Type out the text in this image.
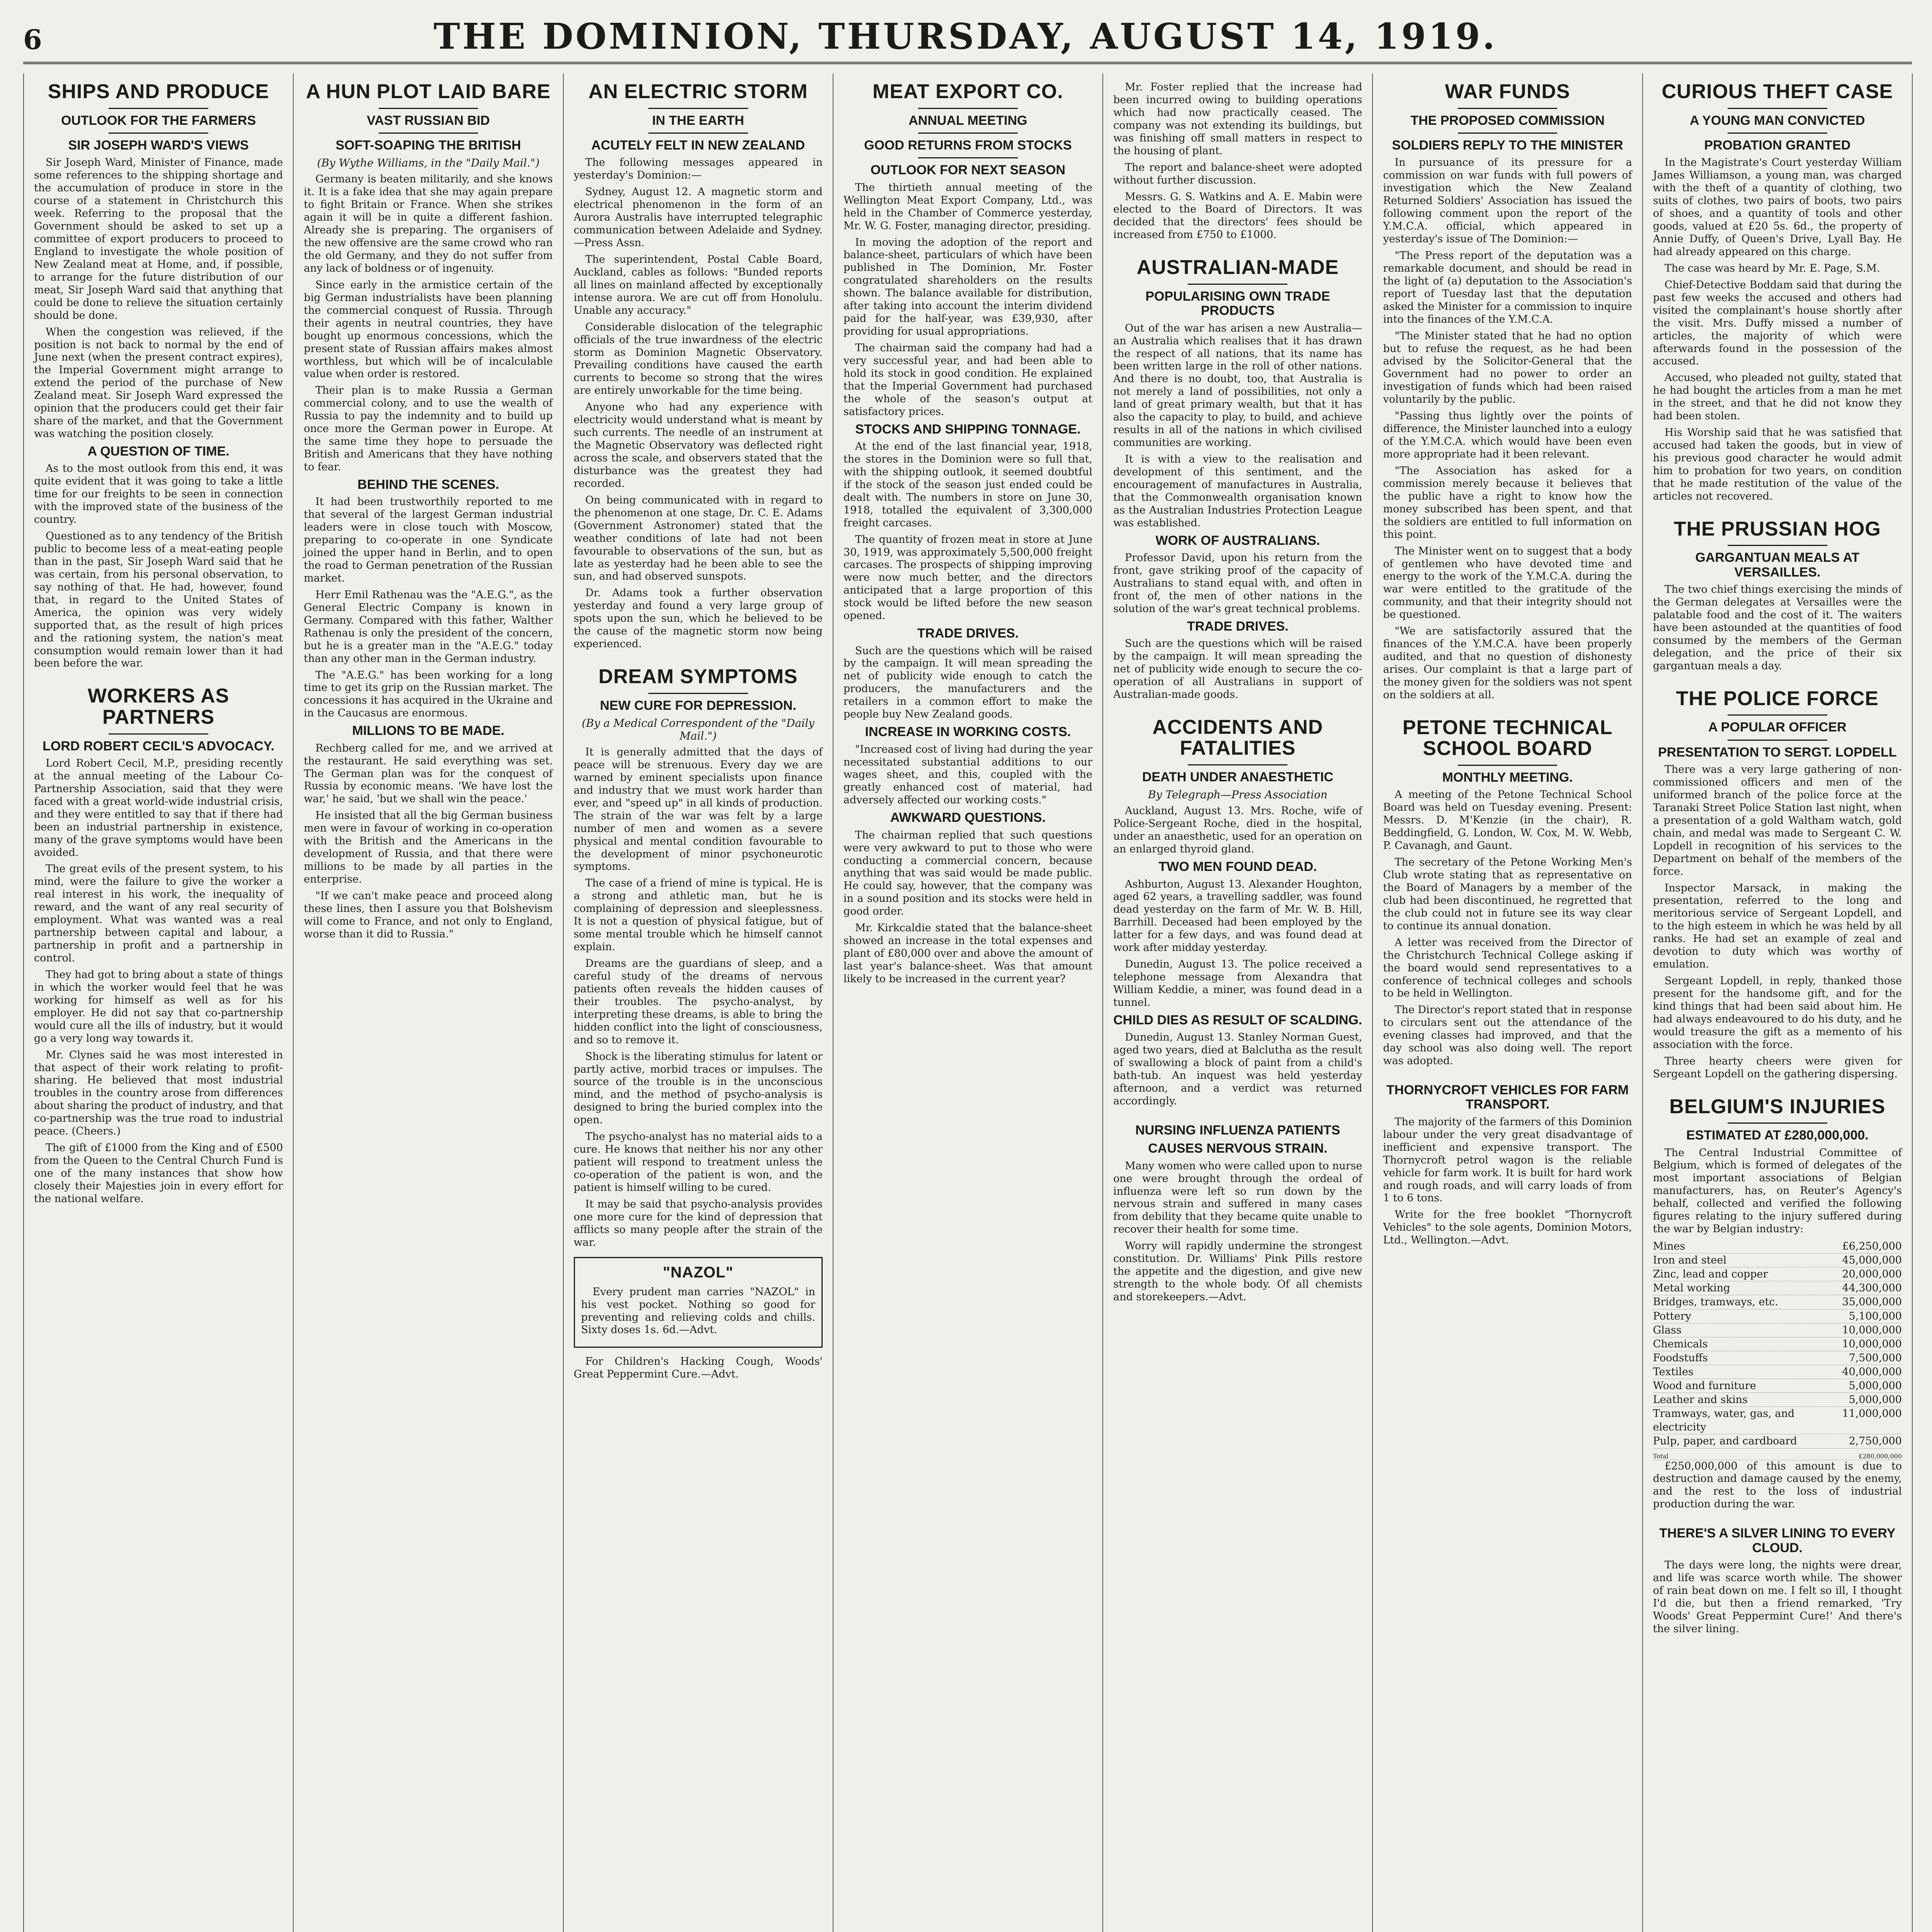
6	THE DOMINION, THURSDAY, AUGUST 14, 1919.
SHIPS AND PRODUCE
OUTLOOK FOR THE FARMERS
SIR JOSEPH WARD'S VIEWS

Sir Joseph Ward, Minister of Finance, made some references to the shipping shortage and the accumulation of produce in store in the course of a statement in Christchurch this week. Referring to the proposal that the Government should be asked to set up a committee of export producers to proceed to England to investigate the whole position of New Zealand meat at Home, and, if possible, to arrange for the future distribution of our meat, Sir Joseph Ward said that anything that could be done to relieve the situation certainly should be done.

When the congestion was relieved, if the position is not back to normal by the end of June next (when the present contract expires), the Imperial Government might arrange to extend the period of the purchase of New Zealand meat. Sir Joseph Ward expressed the opinion that the producers could get their fair share of the market, and that the Government was watching the position closely.

A QUESTION OF TIME.

As to the most outlook from this end, it was quite evident that it was going to take a little time for our freights to be seen in connection with the improved state of the business of the country.

Questioned as to any tendency of the British public to become less of a meat-eating people than in the past, Sir Joseph Ward said that he was certain, from his personal observation, to say nothing of that. He had, however, found that, in regard to the United States of America, the opinion was very widely supported that, as the result of high prices and the rationing system, the nation's meat consumption would remain lower than it had been before the war.

WORKERS AS PARTNERS
LORD ROBERT CECIL'S ADVOCACY.

Lord Robert Cecil, M.P., presiding recently at the annual meeting of the Labour Co-Partnership Association, said that they were faced with a great world-wide industrial crisis, and they were entitled to say that if there had been an industrial partnership in existence, many of the grave symptoms would have been avoided.

The great evils of the present system, to his mind, were the failure to give the worker a real interest in his work, the inequality of reward, and the want of any real security of employment. What was wanted was a real partnership between capital and labour, a partnership in profit and a partnership in control.

They had got to bring about a state of things in which the worker would feel that he was working for himself as well as for his employer. He did not say that co-partnership would cure all the ills of industry, but it would go a very long way towards it.

Mr. Clynes said he was most interested in that aspect of their work relating to profit-sharing. He believed that most industrial troubles in the country arose from differences about sharing the product of industry, and that co-partnership was the true road to industrial peace. (Cheers.)

The gift of £1000 from the King and of £500 from the Queen to the Central Church Fund is one of the many instances that show how closely their Majesties join in every effort for the national welfare.

A HUN PLOT LAID BARE
VAST RUSSIAN BID
SOFT-SOAPING THE BRITISH
(By Wythe Williams, in the "Daily Mail.")

Germany is beaten militarily, and she knows it. It is a fake idea that she may again prepare to fight Britain or France. When she strikes again it will be in quite a different fashion. Already she is preparing. The organisers of the new offensive are the same crowd who ran the old Germany, and they do not suffer from any lack of boldness or of ingenuity.

Since early in the armistice certain of the big German industrialists have been planning the commercial conquest of Russia. Through their agents in neutral countries, they have bought up enormous concessions, which the present state of Russian affairs makes almost worthless, but which will be of incalculable value when order is restored.

Their plan is to make Russia a German commercial colony, and to use the wealth of Russia to pay the indemnity and to build up once more the German power in Europe. At the same time they hope to persuade the British and Americans that they have nothing to fear.

BEHIND THE SCENES.

It had been trustworthily reported to me that several of the largest German industrial leaders were in close touch with Moscow, preparing to co-operate in one Syndicate joined the upper hand in Berlin, and to open the road to German penetration of the Russian market.

Herr Emil Rathenau was the "A.E.G.", as the General Electric Company is known in Germany. Compared with this father, Walther Rathenau is only the president of the concern, but he is a greater man in the "A.E.G." today than any other man in the German industry.

The "A.E.G." has been working for a long time to get its grip on the Russian market. The concessions it has acquired in the Ukraine and in the Caucasus are enormous.

MILLIONS TO BE MADE.

Rechberg called for me, and we arrived at the restaurant. He said everything was set. The German plan was for the conquest of Russia by economic means. 'We have lost the war,' he said, 'but we shall win the peace.'

He insisted that all the big German business men were in favour of working in co-operation with the British and the Americans in the development of Russia, and that there were millions to be made by all parties in the enterprise.

"If we can't make peace and proceed along these lines, then I assure you that Bolshevism will come to France, and not only to England, worse than it did to Russia."

AN ELECTRIC STORM
IN THE EARTH
ACUTELY FELT IN NEW ZEALAND

The following messages appeared in yesterday's Dominion:—

Sydney, August 12. A magnetic storm and electrical phenomenon in the form of an Aurora Australis have interrupted telegraphic communication between Adelaide and Sydney.—Press Assn.

The superintendent, Postal Cable Board, Auckland, cables as follows: "Bunded reports all lines on mainland affected by exceptionally intense aurora. We are cut off from Honolulu. Unable any accuracy."

Considerable dislocation of the telegraphic officials of the true inwardness of the electric storm as Dominion Magnetic Observatory. Prevailing conditions have caused the earth currents to become so strong that the wires are entirely unworkable for the time being.

Anyone who had any experience with electricity would understand what is meant by such currents. The needle of an instrument at the Magnetic Observatory was deflected right across the scale, and observers stated that the disturbance was the greatest they had recorded.

On being communicated with in regard to the phenomenon at one stage, Dr. C. E. Adams (Government Astronomer) stated that the weather conditions of late had not been favourable to observations of the sun, but as late as yesterday had he been able to see the sun, and had observed sunspots.

Dr. Adams took a further observation yesterday and found a very large group of spots upon the sun, which he believed to be the cause of the magnetic storm now being experienced.

DREAM SYMPTOMS
NEW CURE FOR DEPRESSION.
(By a Medical Correspondent of the "Daily Mail.")

It is generally admitted that the days of peace will be strenuous. Every day we are warned by eminent specialists upon finance and industry that we must work harder than ever, and "speed up" in all kinds of production. The strain of the war was felt by a large number of men and women as a severe physical and mental condition favourable to the development of minor psychoneurotic symptoms.

The case of a friend of mine is typical. He is a strong and athletic man, but he is complaining of depression and sleeplessness. It is not a question of physical fatigue, but of some mental trouble which he himself cannot explain.

Dreams are the guardians of sleep, and a careful study of the dreams of nervous patients often reveals the hidden causes of their troubles. The psycho-analyst, by interpreting these dreams, is able to bring the hidden conflict into the light of consciousness, and so to remove it.

Shock is the liberating stimulus for latent or partly active, morbid traces or impulses. The source of the trouble is in the unconscious mind, and the method of psycho-analysis is designed to bring the buried complex into the open.

The psycho-analyst has no material aids to a cure. He knows that neither his nor any other patient will respond to treatment unless the co-operation of the patient is won, and the patient is himself willing to be cured.

It may be said that psycho-analysis provides one more cure for the kind of depression that afflicts so many people after the strain of the war.

"NAZOL"

Every prudent man carries "NAZOL" in his vest pocket. Nothing so good for preventing and relieving colds and chills. Sixty doses 1s. 6d.—Advt.

For Children's Hacking Cough, Woods' Great Peppermint Cure.—Advt.

MEAT EXPORT CO.
ANNUAL MEETING
GOOD RETURNS FROM STOCKS
OUTLOOK FOR NEXT SEASON

The thirtieth annual meeting of the Wellington Meat Export Company, Ltd., was held in the Chamber of Commerce yesterday, Mr. W. G. Foster, managing director, presiding.

In moving the adoption of the report and balance-sheet, particulars of which have been published in The Dominion, Mr. Foster congratulated shareholders on the results shown. The balance available for distribution, after taking into account the interim dividend paid for the half-year, was £39,930, after providing for usual appropriations.

The chairman said the company had had a very successful year, and had been able to hold its stock in good condition. He explained that the Imperial Government had purchased the whole of the season's output at satisfactory prices.

STOCKS AND SHIPPING TONNAGE.

At the end of the last financial year, 1918, the stores in the Dominion were so full that, with the shipping outlook, it seemed doubtful if the stock of the season just ended could be dealt with. The numbers in store on June 30, 1918, totalled the equivalent of 3,300,000 freight carcases.

The quantity of frozen meat in store at June 30, 1919, was approximately 5,500,000 freight carcases. The prospects of shipping improving were now much better, and the directors anticipated that a large proportion of this stock would be lifted before the new season opened.

TRADE DRIVES.

Such are the questions which will be raised by the campaign. It will mean spreading the net of publicity wide enough to catch the producers, the manufacturers and the retailers in a common effort to make the people buy New Zealand goods.

INCREASE IN WORKING COSTS.

"Increased cost of living had during the year necessitated substantial additions to our wages sheet, and this, coupled with the greatly enhanced cost of material, had adversely affected our working costs."

AWKWARD QUESTIONS.

The chairman replied that such questions were very awkward to put to those who were conducting a commercial concern, because anything that was said would be made public. He could say, however, that the company was in a sound position and its stocks were held in good order.

Mr. Kirkcaldie stated that the balance-sheet showed an increase in the total expenses and plant of £80,000 over and above the amount of last year's balance-sheet. Was that amount likely to be increased in the current year?

Mr. Foster replied that the increase had been incurred owing to building operations which had now practically ceased. The company was not extending its buildings, but was finishing off small matters in respect to the housing of plant.

The report and balance-sheet were adopted without further discussion.

Messrs. G. S. Watkins and A. E. Mabin were elected to the Board of Directors. It was decided that the directors' fees should be increased from £750 to £1000.

AUSTRALIAN-MADE
POPULARISING OWN TRADE PRODUCTS

Out of the war has arisen a new Australia—an Australia which realises that it has drawn the respect of all nations, that its name has been written large in the roll of other nations. And there is no doubt, too, that Australia is not merely a land of possibilities, not only a land of great primary wealth, but that it has also the capacity to play, to build, and achieve results in all of the nations in which civilised communities are working.

It is with a view to the realisation and development of this sentiment, and the encouragement of manufactures in Australia, that the Commonwealth organisation known as the Australian Industries Protection League was established.

WORK OF AUSTRALIANS.

Professor David, upon his return from the front, gave striking proof of the capacity of Australians to stand equal with, and often in front of, the men of other nations in the solution of the war's great technical problems.

TRADE DRIVES.

Such are the questions which will be raised by the campaign. It will mean spreading the net of publicity wide enough to secure the co-operation of all Australians in support of Australian-made goods.

ACCIDENTS AND FATALITIES
DEATH UNDER ANAESTHETIC
By Telegraph—Press Association

Auckland, August 13. Mrs. Roche, wife of Police-Sergeant Roche, died in the hospital, under an anaesthetic, used for an operation on an enlarged thyroid gland.

TWO MEN FOUND DEAD.

Ashburton, August 13. Alexander Houghton, aged 62 years, a travelling saddler, was found dead yesterday on the farm of Mr. W. B. Hill, Barrhill. Deceased had been employed by the latter for a few days, and was found dead at work after midday yesterday.

Dunedin, August 13. The police received a telephone message from Alexandra that William Keddie, a miner, was found dead in a tunnel.

CHILD DIES AS RESULT OF SCALDING.

Dunedin, August 13. Stanley Norman Guest, aged two years, died at Balclutha as the result of swallowing a block of paint from a child's bath-tub. An inquest was held yesterday afternoon, and a verdict was returned accordingly.

NURSING INFLUENZA PATIENTS
CAUSES NERVOUS STRAIN.

Many women who were called upon to nurse one were brought through the ordeal of influenza were left so run down by the nervous strain and suffered in many cases from debility that they became quite unable to recover their health for some time.

Worry will rapidly undermine the strongest constitution. Dr. Williams' Pink Pills restore the appetite and the digestion, and give new strength to the whole body. Of all chemists and storekeepers.—Advt.

WAR FUNDS
THE PROPOSED COMMISSION
SOLDIERS REPLY TO THE MINISTER

In pursuance of its pressure for a commission on war funds with full powers of investigation which the New Zealand Returned Soldiers' Association has issued the following comment upon the report of the Y.M.C.A. official, which appeared in yesterday's issue of The Dominion:—

"The Press report of the deputation was a remarkable document, and should be read in the light of (a) deputation to the Association's report of Tuesday last that the deputation asked the Minister for a commission to inquire into the finances of the Y.M.C.A.

"The Minister stated that he had no option but to refuse the request, as he had been advised by the Solicitor-General that the Government had no power to order an investigation of funds which had been raised voluntarily by the public.

"Passing thus lightly over the points of difference, the Minister launched into a eulogy of the Y.M.C.A. which would have been even more appropriate had it been relevant.

"The Association has asked for a commission merely because it believes that the public have a right to know how the money subscribed has been spent, and that the soldiers are entitled to full information on this point.

The Minister went on to suggest that a body of gentlemen who have devoted time and energy to the work of the Y.M.C.A. during the war were entitled to the gratitude of the community, and that their integrity should not be questioned.

"We are satisfactorily assured that the finances of the Y.M.C.A. have been properly audited, and that no question of dishonesty arises. Our complaint is that a large part of the money given for the soldiers was not spent on the soldiers at all.

PETONE TECHNICAL SCHOOL BOARD
MONTHLY MEETING.

A meeting of the Petone Technical School Board was held on Tuesday evening. Present: Messrs. D. M'Kenzie (in the chair), R. Beddingfield, G. London, W. Cox, M. W. Webb, P. Cavanagh, and Gaunt.

The secretary of the Petone Working Men's Club wrote stating that as representative on the Board of Managers by a member of the club had been discontinued, he regretted that the club could not in future see its way clear to continue its annual donation.

A letter was received from the Director of the Christchurch Technical College asking if the board would send representatives to a conference of technical colleges and schools to be held in Wellington.

The Director's report stated that in response to circulars sent out the attendance of the evening classes had improved, and that the day school was also doing well. The report was adopted.

THORNYCROFT VEHICLES FOR FARM TRANSPORT.

The majority of the farmers of this Dominion labour under the very great disadvantage of inefficient and expensive transport. The Thornycroft petrol wagon is the reliable vehicle for farm work. It is built for hard work and rough roads, and will carry loads of from 1 to 6 tons.

Write for the free booklet "Thornycroft Vehicles" to the sole agents, Dominion Motors, Ltd., Wellington.—Advt.

CURIOUS THEFT CASE
A YOUNG MAN CONVICTED
PROBATION GRANTED

In the Magistrate's Court yesterday William James Williamson, a young man, was charged with the theft of a quantity of clothing, two suits of clothes, two pairs of boots, two pairs of shoes, and a quantity of tools and other goods, valued at £20 5s. 6d., the property of Annie Duffy, of Queen's Drive, Lyall Bay. He had already appeared on this charge.

The case was heard by Mr. E. Page, S.M.

Chief-Detective Boddam said that during the past few weeks the accused and others had visited the complainant's house shortly after the visit. Mrs. Duffy missed a number of articles, the majority of which were afterwards found in the possession of the accused.

Accused, who pleaded not guilty, stated that he had bought the articles from a man he met in the street, and that he did not know they had been stolen.

His Worship said that he was satisfied that accused had taken the goods, but in view of his previous good character he would admit him to probation for two years, on condition that he made restitution of the value of the articles not recovered.

THE PRUSSIAN HOG
GARGANTUAN MEALS AT VERSAILLES.

The two chief things exercising the minds of the German delegates at Versailles were the palatable food and the cost of it. The waiters have been astounded at the quantities of food consumed by the members of the German delegation, and the price of their six gargantuan meals a day.

THE POLICE FORCE
A POPULAR OFFICER
PRESENTATION TO SERGT. LOPDELL

There was a very large gathering of non-commissioned officers and men of the uniformed branch of the police force at the Taranaki Street Police Station last night, when a presentation of a gold Waltham watch, gold chain, and medal was made to Sergeant C. W. Lopdell in recognition of his services to the Department on behalf of the members of the force.

Inspector Marsack, in making the presentation, referred to the long and meritorious service of Sergeant Lopdell, and to the high esteem in which he was held by all ranks. He had set an example of zeal and devotion to duty which was worthy of emulation.

Sergeant Lopdell, in reply, thanked those present for the handsome gift, and for the kind things that had been said about him. He had always endeavoured to do his duty, and he would treasure the gift as a memento of his association with the force.

Three hearty cheers were given for Sergeant Lopdell on the gathering dispersing.

BELGIUM'S INJURIES
ESTIMATED AT £280,000,000.

The Central Industrial Committee of Belgium, which is formed of delegates of the most important associations of Belgian manufacturers, has, on Reuter's Agency's behalf, collected and verified the following figures relating to the injury suffered during the war by Belgian industry:

Mines	£6,250,000
Iron and steel	45,000,000
Zinc, lead and copper	20,000,000
Metal working	44,300,000
Bridges, tramways, etc.	35,000,000
Pottery	5,100,000
Glass	10,000,000
Chemicals	10,000,000
Foodstuffs	7,500,000
Textiles	40,000,000
Wood and furniture	5,000,000
Leather and skins	5,000,000
Tramways, water, gas, and electricity
11,000,000
Pulp, paper, and cardboard	2,750,000
Total	£280,000,000

£250,000,000 of this amount is due to destruction and damage caused by the enemy, and the rest to the loss of industrial production during the war.

THERE'S A SILVER LINING TO EVERY CLOUD.

The days were long, the nights were drear, and life was scarce worth while. The shower of rain beat down on me. I felt so ill, I thought I'd die, but then a friend remarked, 'Try Woods' Great Peppermint Cure!' And there's the silver lining.
